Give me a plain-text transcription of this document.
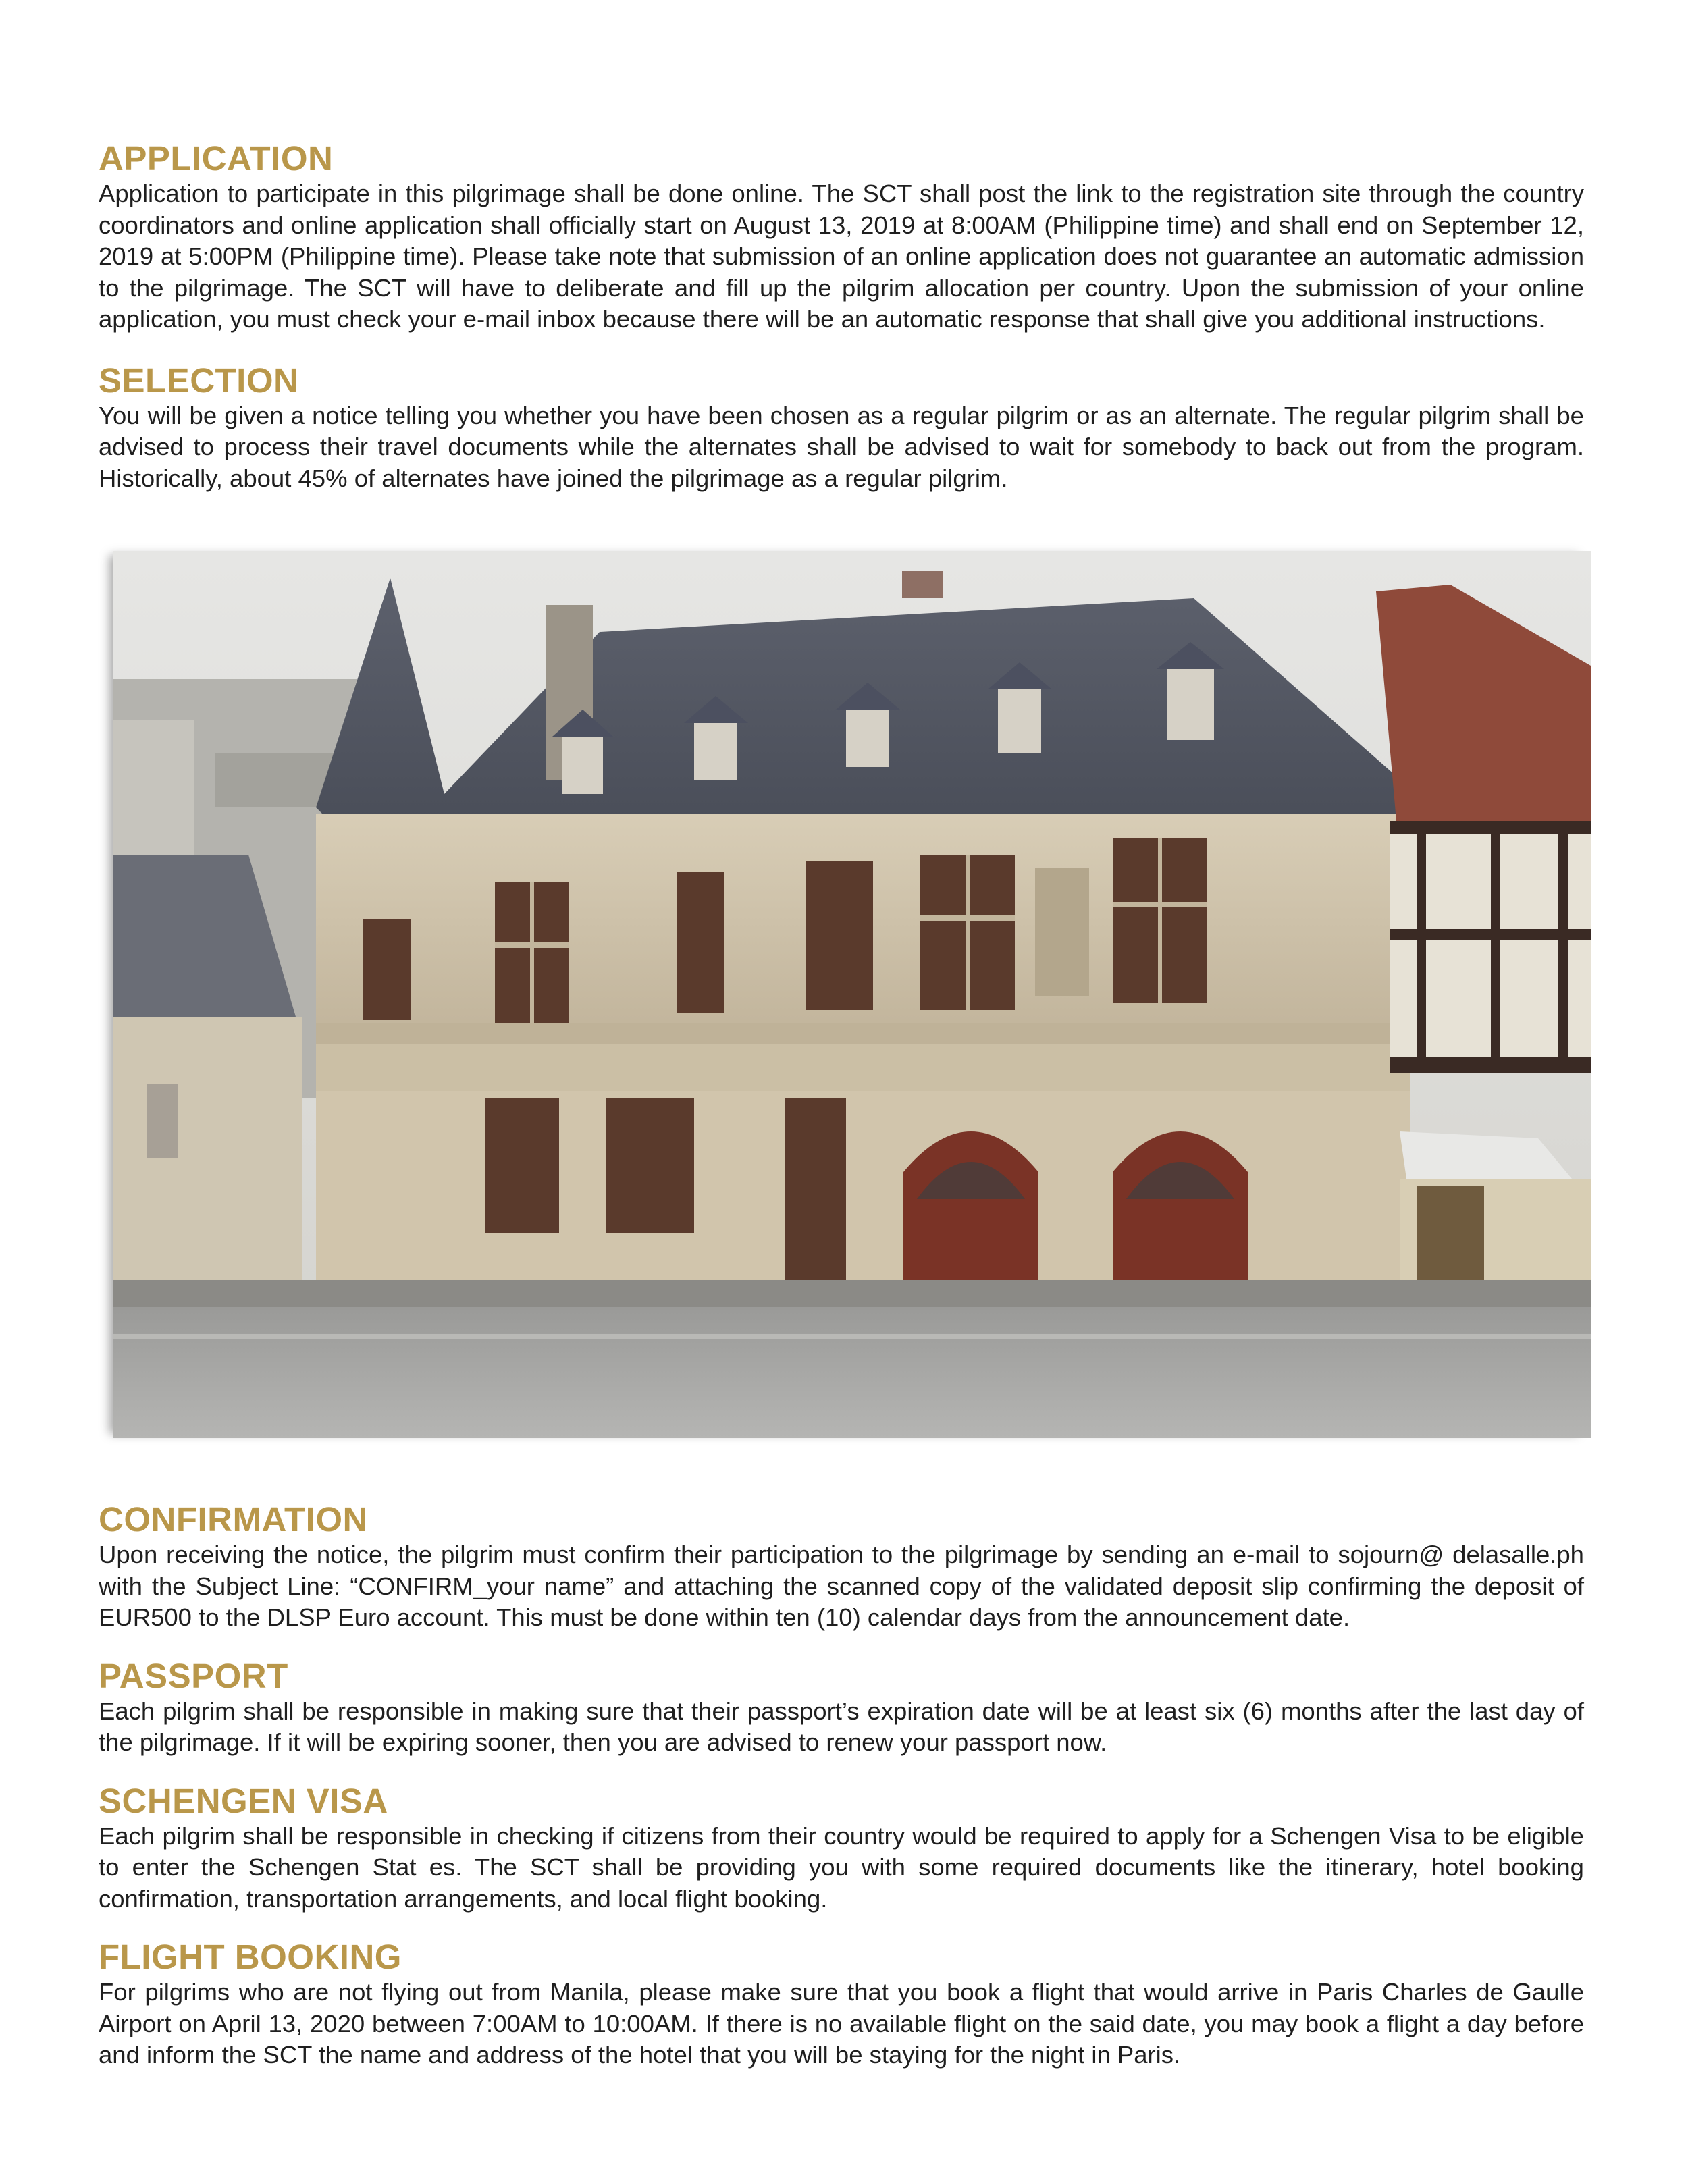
APPLICATION

Application to participate in this pilgrimage shall be done online. The SCT shall post the link to the registration site through the country coordinators and online application shall officially start on August 13, 2019 at 8:00AM (Philippine time) and shall end on September 12, 2019 at 5:00PM (Philippine time). Please take note that submission of an online application does not guarantee an automatic admission to the pilgrimage. The SCT will have to deliberate and fill up the pilgrim allocation per country. Upon the submission of your online application, you must check your e-mail inbox because there will be an automatic response that shall give you additional instructions.

SELECTION

You will be given a notice telling you whether you have been chosen as a regular pilgrim or as an alternate. The regular pilgrim shall be advised to process their travel documents while the alternates shall be advised to wait for somebody to back out from the program. Historically, about 45% of alternates have joined the pilgrimage as a regular pilgrim.

CONFIRMATION

Upon receiving the notice, the pilgrim must confirm their participation to the pilgrimage by sending an e-mail to sojourn@ delasalle.ph with the Subject Line: “CONFIRM_your name” and attaching the scanned copy of the validated deposit slip confirming the deposit of EUR500 to the DLSP Euro account. This must be done within ten (10) calendar days from the announcement date.

PASSPORT

Each pilgrim shall be responsible in making sure that their passport’s expiration date will be at least six (6) months after the last day of the pilgrimage. If it will be expiring sooner, then you are advised to renew your passport now.

SCHENGEN VISA

Each pilgrim shall be responsible in checking if citizens from their country would be required to apply for a Schengen Visa to be eligible to enter the Schengen Stat es. The SCT shall be providing you with some required documents like the itinerary, hotel booking confirmation, transportation arrangements, and local flight booking.

FLIGHT BOOKING

For pilgrims who are not flying out from Manila, please make sure that you book a flight that would arrive in Paris Charles de Gaulle Airport on April 13, 2020 between 7:00AM to 10:00AM. If there is no available flight on the said date, you may book a flight a day before and inform the SCT the name and address of the hotel that you will be staying for the night in Paris.
